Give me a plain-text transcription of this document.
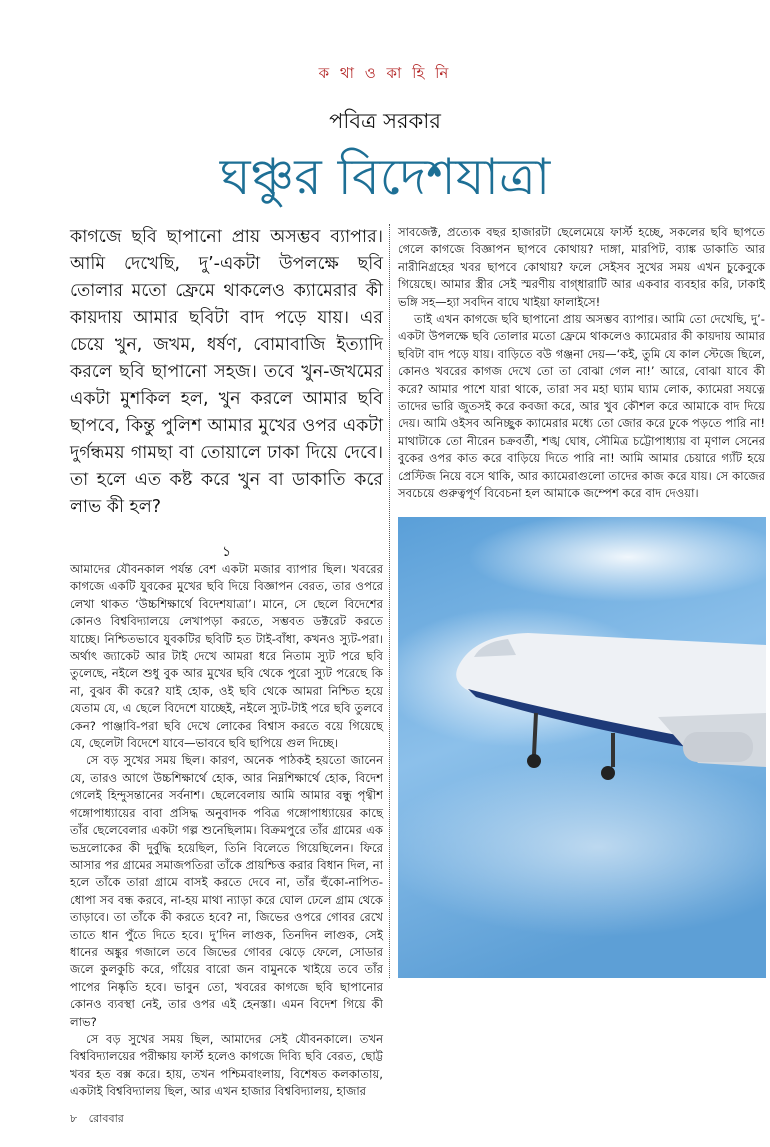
ক থা ও কা হি নি
পবিত্র সরকার
ঘঞ্চুর বিদেশযাত্রা

কাগজে ছবি ছাপানো প্রায় অসম্ভব ব্যাপার। আমি দেখেছি, দু’-একটা উপলক্ষে ছবি তোলার মতো ফ্রেমে থাকলেও ক্যামেরার কী কায়দায় আমার ছবিটা বাদ পড়ে যায়। এর চেয়ে খুন, জখম, ধর্ষণ, বোমাবাজি ইত্যাদি করলে ছবি ছাপানো সহজ। তবে খুন-জখমের একটা মুশকিল হল, খুন করলে আমার ছবি ছাপবে, কিন্তু পুলিশ আমার মুখের ওপর একটা দুর্গন্ধময় গামছা বা তোয়ালে ঢাকা দিয়ে দেবে। তা হলে এত কষ্ট করে খুন বা ডাকাতি করে লাভ কী হল?

১

আমাদের যৌবনকাল পর্যন্ত বেশ একটা মজার ব্যাপার ছিল। খবরের কাগজে একটি যুবকের মুখের ছবি দিয়ে বিজ্ঞাপন বেরত, তার ওপরে লেখা থাকত ‘উচ্চশিক্ষার্থে বিদেশযাত্রা’। মানে, সে ছেলে বিদেশের কোনও বিশ্ববিদ্যালয়ে লেখাপড়া করতে, সম্ভবত ডক্টরেট করতে যাচ্ছে। নিশ্চিতভাবে যুবকটির ছবিটি হত টাই-বাঁধা, কখনও স্যুট-পরা। অর্থাৎ জ্যাকেট আর টাই দেখে আমরা ধরে নিতাম স্যুট পরে ছবি তুলেছে, নইলে শুধু বুক আর মুখের ছবি থেকে পুরো স্যুট পরেছে কি না, বুঝব কী করে? যাই হোক, ওই ছবি থেকে আমরা নিশ্চিত হয়ে যেতাম যে, এ ছেলে বিদেশে যাচ্ছেই, নইলে স্যুট-টাই পরে ছবি তুলবে কেন? পাঞ্জাবি-পরা ছবি দেখে লোকের বিশ্বাস করতে বয়ে গিয়েছে যে, ছেলেটা বিদেশে যাবে—ভাববে ছবি ছাপিয়ে গুল দিচ্ছে।

সে বড় সুখের সময় ছিল। কারণ, অনেক পাঠকই হয়তো জানেন যে, তারও আগে উচ্চশিক্ষার্থে হোক, আর নিম্নশিক্ষার্থে হোক, বিদেশ গেলেই হিন্দুসন্তানের সর্বনাশ। ছেলেবেলায় আমি আমার বন্ধু পৃথ্বীশ গঙ্গোপাধ্যায়ের বাবা প্রসিদ্ধ অনুবাদক পবিত্র গঙ্গোপাধ্যায়ের কাছে তাঁর ছেলেবেলার একটা গল্প শুনেছিলাম। বিক্রমপুরে তাঁর গ্রামের এক ভদ্রলোকের কী দুর্বুদ্ধি হয়েছিল, তিনি বিলেতে গিয়েছিলেন। ফিরে আসার পর গ্রামের সমাজপতিরা তাঁকে প্রায়শ্চিত্ত করার বিধান দিল, না হলে তাঁকে তারা গ্রামে বাসই করতে দেবে না, তাঁর হুঁকো-নাপিত-ধোপা সব বন্ধ করবে, না-হয় মাথা ন্যাড়া করে ঘোল ঢেলে গ্রাম থেকে তাড়াবে। তা তাঁকে কী করতে হবে? না, জিভের ওপরে গোবর রেখে তাতে ধান পুঁতে দিতে হবে। দু’দিন লাগুক, তিনদিন লাগুক, সেই ধানের অঙ্কুর গজালে তবে জিভের গোবর ঝেড়ে ফেলে, সোডার জলে কুলকুচি করে, গাঁয়ের বারো জন বামুনকে খাইয়ে তবে তাঁর পাপের নিষ্কৃতি হবে। ভাবুন তো, খবরের কাগজে ছবি ছাপানোর কোনও ব্যবস্থা নেই, তার ওপর এই হেনস্তা। এমন বিদেশ গিয়ে কী লাভ?

সে বড় সুখের সময় ছিল, আমাদের সেই যৌবনকালে। তখন বিশ্ববিদ্যালয়ের পরীক্ষায় ফার্স্ট হলেও কাগজে দিব্যি ছবি বেরত, ছোট্ট খবর হত বক্স করে। হায়, তখন পশ্চিমবাংলায়, বিশেষত কলকাতায়, একটাই বিশ্ববিদ্যালয় ছিল, আর এখন হাজার বিশ্ববিদ্যালয়, হাজার

৮ রোববার

সাবজেক্ট, প্রত্যেক বছর হাজারটা ছেলেমেয়ে ফার্স্ট হচ্ছে, সকলের ছবি ছাপতে গেলে কাগজে বিজ্ঞাপন ছাপবে কোথায়? দাঙ্গা, মারপিট, ব্যাঙ্ক ডাকাতি আর নারীনিগ্রহের খবর ছাপবে কোথায়? ফলে সেইসব সুখের সময় এখন চুকেবুকে গিয়েছে। আমার স্ত্রীর সেই স্মরণীয় বাগ্‌ধারাটি আর একবার ব্যবহার করি, ঢাকাই ভঙ্গি সহ—হ্যা সবদিন বাঘে খাইয়া ফালাইসে!

তাই এখন কাগজে ছবি ছাপানো প্রায় অসম্ভব ব্যাপার। আমি তো দেখেছি, দু’-একটা উপলক্ষে ছবি তোলার মতো ফ্রেমে থাকলেও ক্যামেরার কী কায়দায় আমার ছবিটা বাদ পড়ে যায়। বাড়িতে বউ গঞ্জনা দেয়—‘কই, তুমি যে কাল স্টেজে ছিলে, কোনও খবরের কাগজ দেখে তো তা বোঝা গেল না!’ আরে, বোঝা যাবে কী করে? আমার পাশে যারা থাকে, তারা সব মহা ঘ্যাম ঘ্যাম লোক, ক্যামেরা সযত্নে তাদের ভারি জুতসই করে কবজা করে, আর খুব কৌশল করে আমাকে বাদ দিয়ে দেয়। আমি ওইসব অনিচ্ছুক ক্যামেরার মধ্যে তো জোর করে ঢুকে পড়তে পারি না! মাথাটাকে তো নীরেন চক্রবর্তী, শঙ্খ ঘোষ, সৌমিত্র চট্টোপাধ্যায় বা মৃণাল সেনের বুকের ওপর কাত করে বাড়িয়ে দিতে পারি না! আমি আমার চেয়ারে গ্যাঁট হয়ে প্রেস্টিজ নিয়ে বসে থাকি, আর ক্যামেরাগুলো তাদের কাজ করে যায়। সে কাজের সবচেয়ে গুরুত্বপূর্ণ বিবেচনা হল আমাকে জম্পেশ করে বাদ দেওয়া।
